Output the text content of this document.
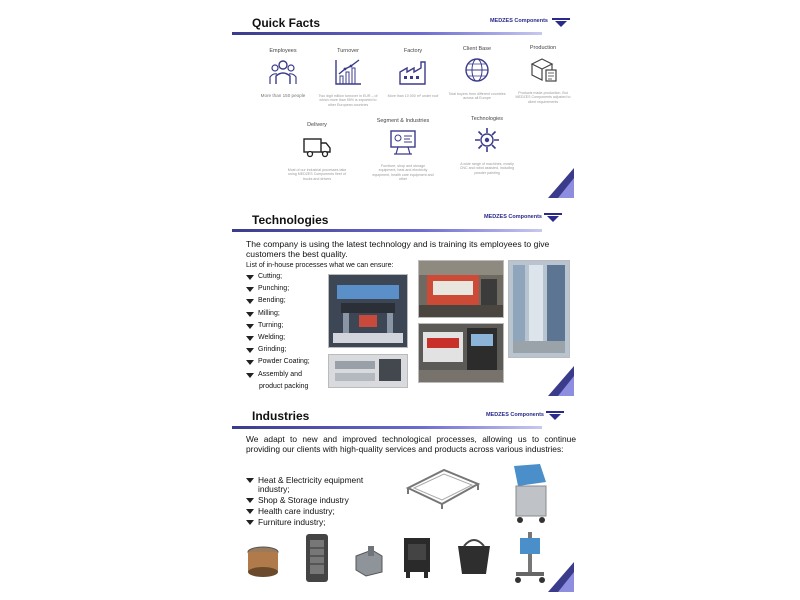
Quick Facts	MEDZES Components
Employees
More than 150 people
Turnover
Two digit million turnover in EUR – of which more than 95% is exported to other European countries
Factory
More than 10 000 m² under roof
Client Base
Total buyers from different countries across all Europe
Production
Products made-production. But MEDZES Components adjusted to client requirements
Delivery
Most of our industrial processes take using MEDZES Components fleet of trucks and drivers
Segment & Industries
Furniture, shop and storage equipment, heat and electricity equipment, health care equipment and other
Technologies
A wide range of machines, mostly CNC and robot assisted, including powder painting
Technologies	MEDZES Components
The company is using the latest technology and is training its employees to give customers the best quality.
List of in-house processes what we can ensure:
Cutting;
Punching;
Bending;
Milling;
Turning;
Welding;
Grinding;
Powder Coating;
Assembly and
product packing
Industries	MEDZES Components
We adapt to new and improved technological processes, allowing us to continue providing our clients with high-quality services and products across various industries:
Heat & Electricity equipment industry;
Shop & Storage industry
Health care industry;
Furniture industry;
